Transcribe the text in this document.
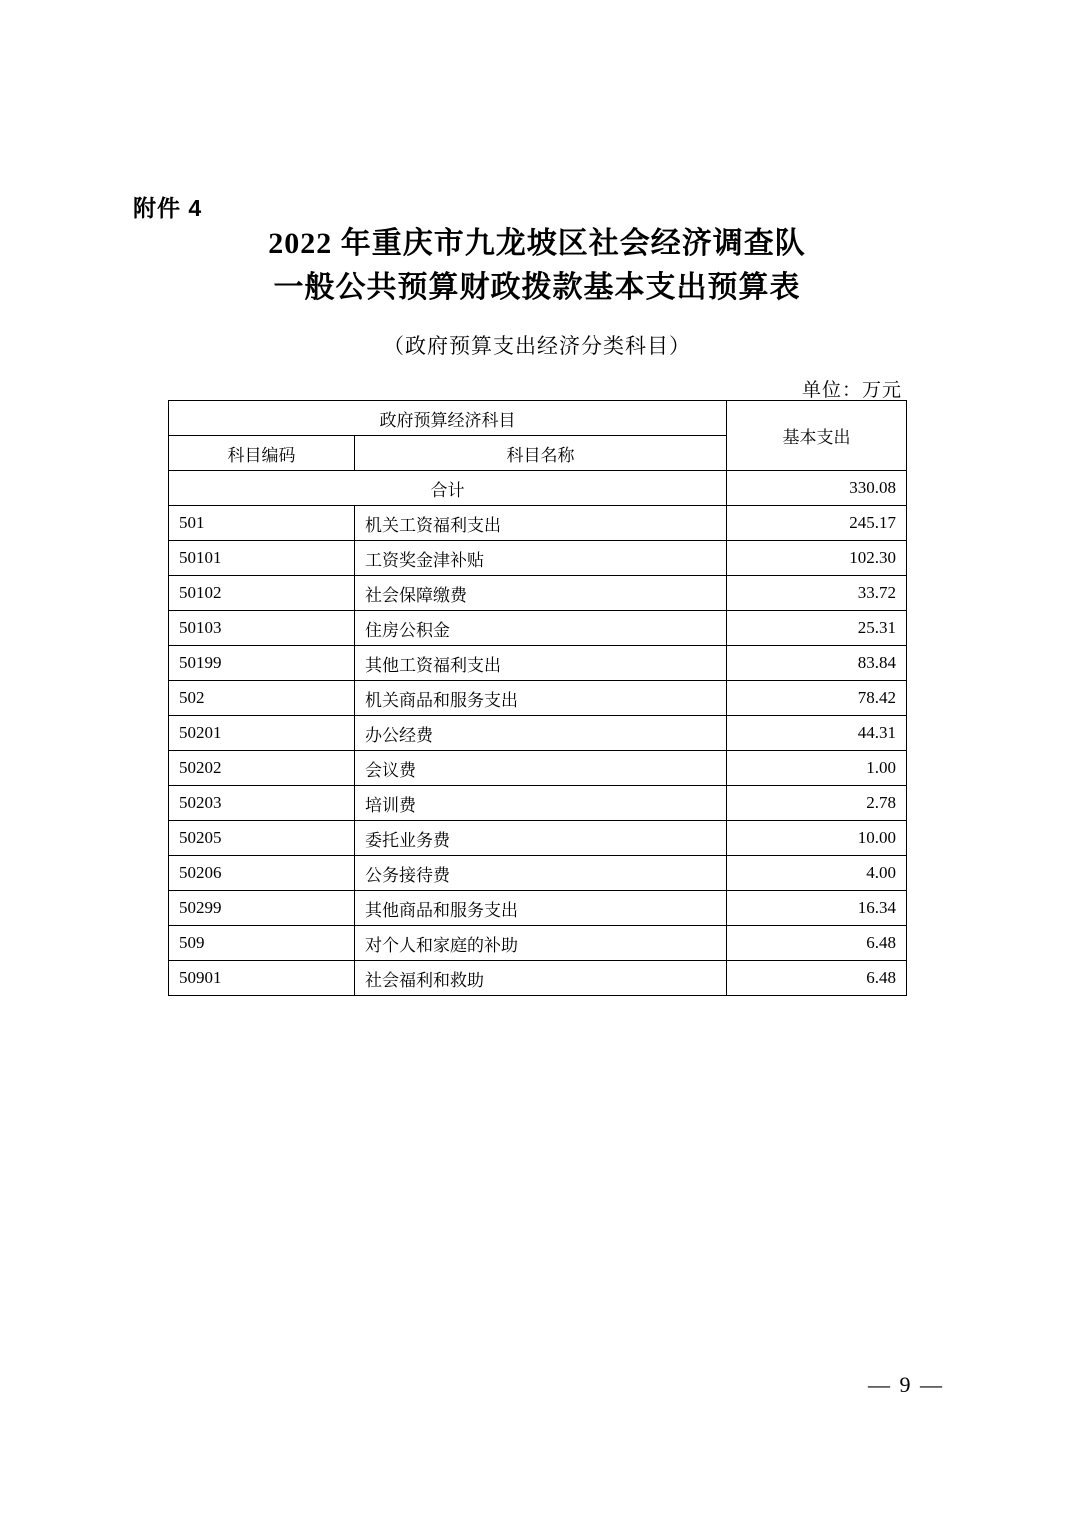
附件 4
2022 年重庆市九龙坡区社会经济调查队
一般公共预算财政拨款基本支出预算表
（政府预算支出经济分类科目）
单位：万元
政府预算经济科目		基本支出
科目编码	科目名称	
合计		330.08
501	机关工资福利支出	245.17
50101	工资奖金津补贴	102.30
50102	社会保障缴费	33.72
50103	住房公积金	25.31
50199	其他工资福利支出	83.84
502	机关商品和服务支出	78.42
50201	办公经费	44.31
50202	会议费	1.00
50203	培训费	2.78
50205	委托业务费	10.00
50206	公务接待费	4.00
50299	其他商品和服务支出	16.34
509	对个人和家庭的补助	6.48
50901	社会福利和救助	6.48
— 9 —
